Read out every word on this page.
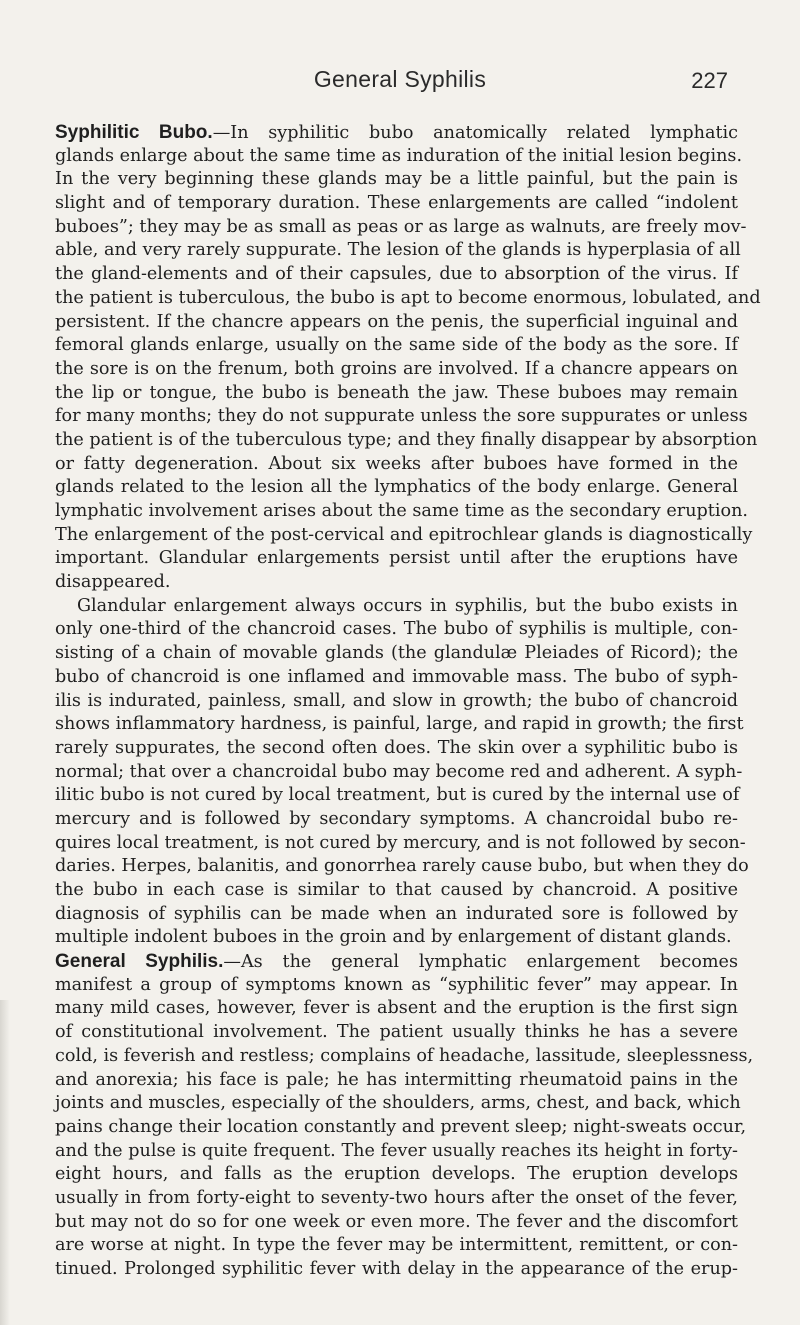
General Syphilis	227
Syphilitic Bubo.—In syphilitic bubo anatomically related lymphatic
glands enlarge about the same time as induration of the initial lesion begins.
In the very beginning these glands may be a little painful, but the pain is
slight and of temporary duration. These enlargements are called “indolent
buboes”; they may be as small as peas or as large as walnuts, are freely mov-
able, and very rarely suppurate. The lesion of the glands is hyperplasia of all
the gland-elements and of their capsules, due to absorption of the virus. If
the patient is tuberculous, the bubo is apt to become enormous, lobulated, and
persistent. If the chancre appears on the penis, the superficial inguinal and
femoral glands enlarge, usually on the same side of the body as the sore. If
the sore is on the frenum, both groins are involved. If a chancre appears on
the lip or tongue, the bubo is beneath the jaw. These buboes may remain
for many months; they do not suppurate unless the sore suppurates or unless
the patient is of the tuberculous type; and they finally disappear by absorption
or fatty degeneration. About six weeks after buboes have formed in the
glands related to the lesion all the lymphatics of the body enlarge. General
lymphatic involvement arises about the same time as the secondary eruption.
The enlargement of the post-cervical and epitrochlear glands is diagnostically
important. Glandular enlargements persist until after the eruptions have
disappeared.
Glandular enlargement always occurs in syphilis, but the bubo exists in
only one-third of the chancroid cases. The bubo of syphilis is multiple, con-
sisting of a chain of movable glands (the glandulæ Pleiades of Ricord); the
bubo of chancroid is one inflamed and immovable mass. The bubo of syph-
ilis is indurated, painless, small, and slow in growth; the bubo of chancroid
shows inflammatory hardness, is painful, large, and rapid in growth; the first
rarely suppurates, the second often does. The skin over a syphilitic bubo is
normal; that over a chancroidal bubo may become red and adherent. A syph-
ilitic bubo is not cured by local treatment, but is cured by the internal use of
mercury and is followed by secondary symptoms. A chancroidal bubo re-
quires local treatment, is not cured by mercury, and is not followed by secon-
daries. Herpes, balanitis, and gonorrhea rarely cause bubo, but when they do
the bubo in each case is similar to that caused by chancroid. A positive
diagnosis of syphilis can be made when an indurated sore is followed by
multiple indolent buboes in the groin and by enlargement of distant glands.
General Syphilis.—As the general lymphatic enlargement becomes
manifest a group of symptoms known as “syphilitic fever” may appear. In
many mild cases, however, fever is absent and the eruption is the first sign
of constitutional involvement. The patient usually thinks he has a severe
cold, is feverish and restless; complains of headache, lassitude, sleeplessness,
and anorexia; his face is pale; he has intermitting rheumatoid pains in the
joints and muscles, especially of the shoulders, arms, chest, and back, which
pains change their location constantly and prevent sleep; night-sweats occur,
and the pulse is quite frequent. The fever usually reaches its height in forty-
eight hours, and falls as the eruption develops. The eruption develops
usually in from forty-eight to seventy-two hours after the onset of the fever,
but may not do so for one week or even more. The fever and the discomfort
are worse at night. In type the fever may be intermittent, remittent, or con-
tinued. Prolonged syphilitic fever with delay in the appearance of the erup-
